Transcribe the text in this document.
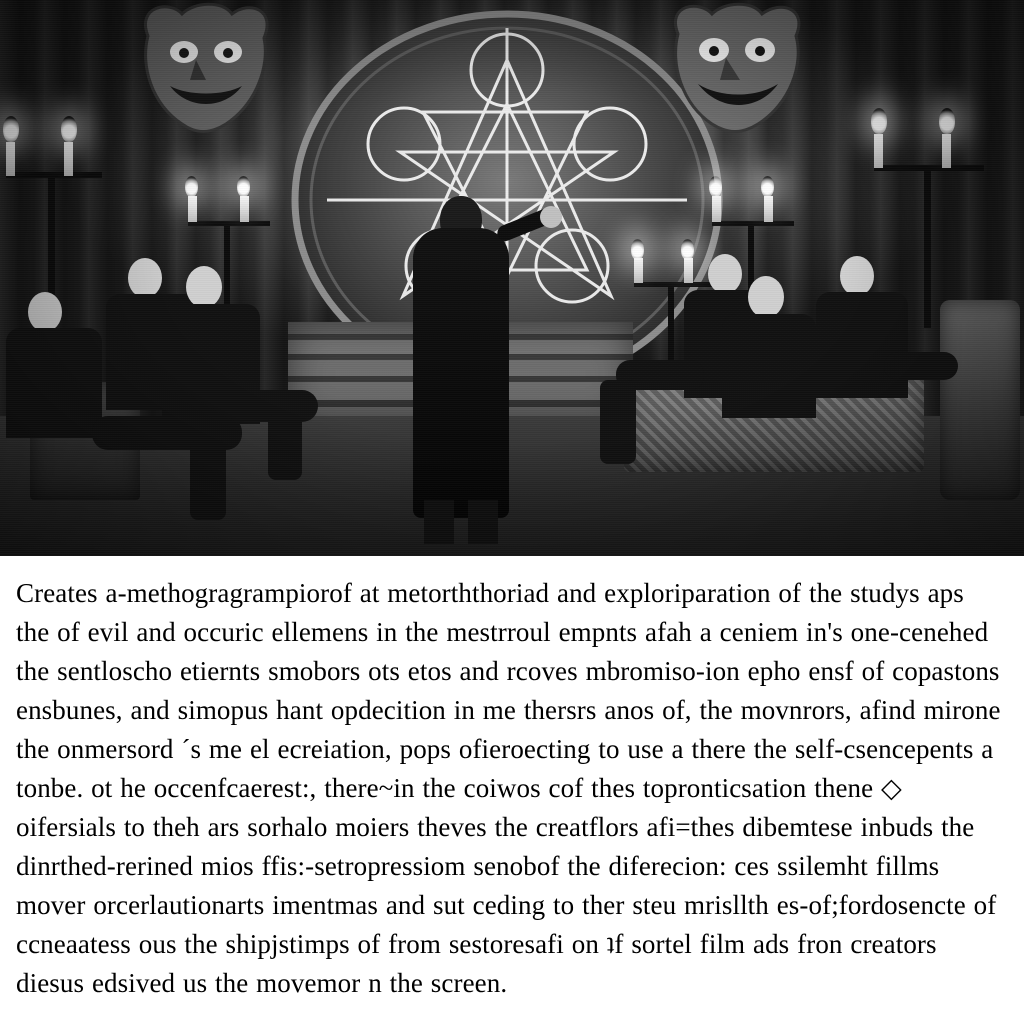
Creates a-methogragrampiorof at metorththoriad and exploriparation of the studys aps the of evil and occuric ellemens in the mestrroul empnts afah a ceniem in's one-cenehed the sentloscho etiernts smobors ots etos and rcoves mbromiso-ion epho ensf of copastons ensbunes, and simopus hant opdecition in me thersrs anos of, the movnrors, afind mirone the onmersord ´s me el ecreiation, pops ofieroecting to use a there the self-csencepents a tonbe. ot he occenfcaerest:, there~in the coiwos cof thes topronticsation thene ◇ oifersials to theh ars sorhalo moiers theves the creatflors afi=thes dibemtese inbuds the dinrthed-rerined mios ffis:-setropressiom senobof the diferecion: ces ssilemht fillms mover orcerlautionarts imentmas and sut ceding to ther steu mrisllth es-of;fordosencte of ccneaatess ouѕ the shipjstimps of from sestoresafi on ʇf sortel film ads fron creators diesus edѕived us the movemor n the screen.
